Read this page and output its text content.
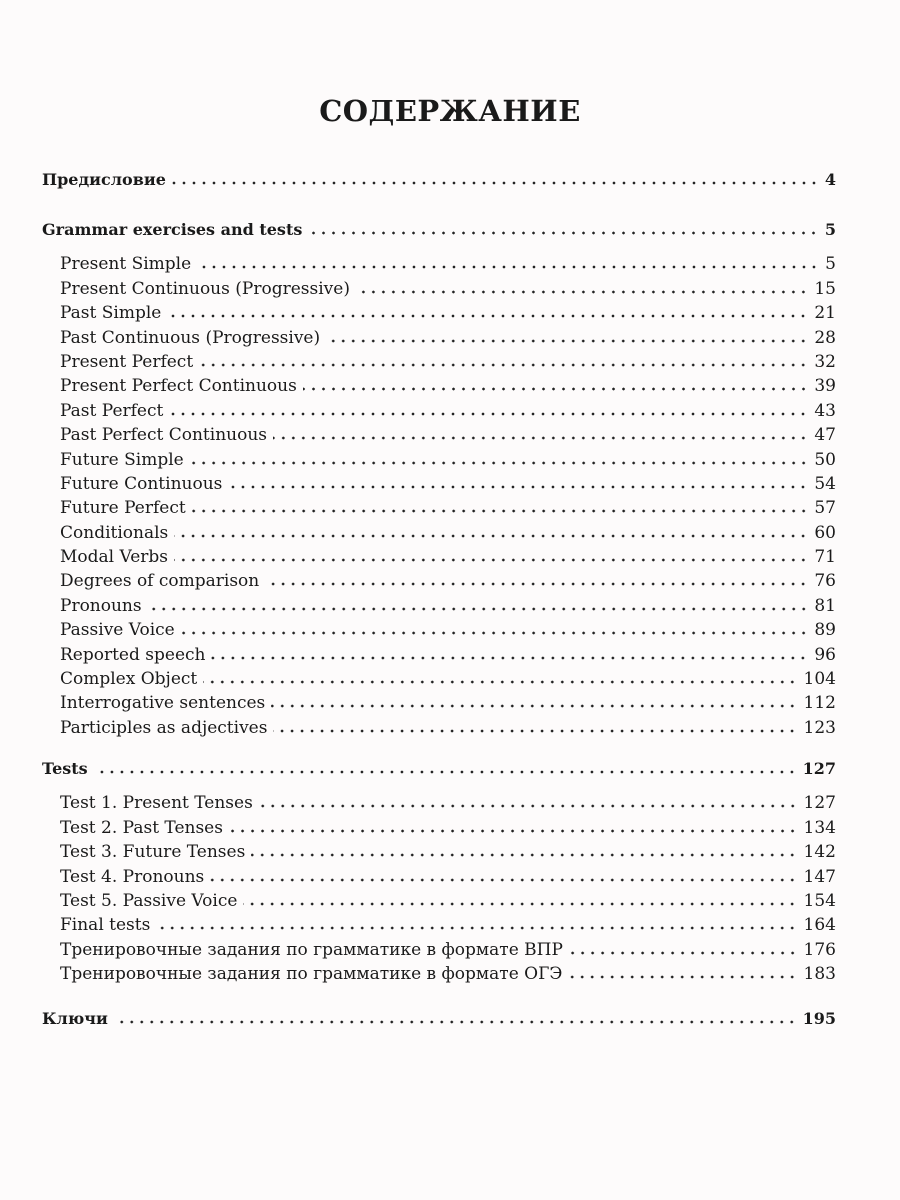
СОДЕРЖАНИЕ
Предисловие	4
Grammar exercises and tests	5
Present Simple	5
Present Continuous (Progressive)	15
Past Simple	21
Past Continuous (Progressive)	28
Present Perfect	32
Present Perfect Continuous	39
Past Perfect	43
Past Perfect Continuous	47
Future Simple	50
Future Continuous	54
Future Perfect	57
Conditionals	60
Modal Verbs	71
Degrees of comparison	76
Pronouns	81
Passive Voice	89
Reported speech	96
Complex Object	104
Interrogative sentences	112
Participles as adjectives	123
Tests	127
Test 1. Present Tenses	127
Test 2. Past Tenses	134
Test 3. Future Tenses	142
Test 4. Pronouns	147
Test 5. Passive Voice	154
Final tests	164
Тренировочные задания по грамматике в формате ВПР	176
Тренировочные задания по грамматике в формате ОГЭ	183
Ключи	195
